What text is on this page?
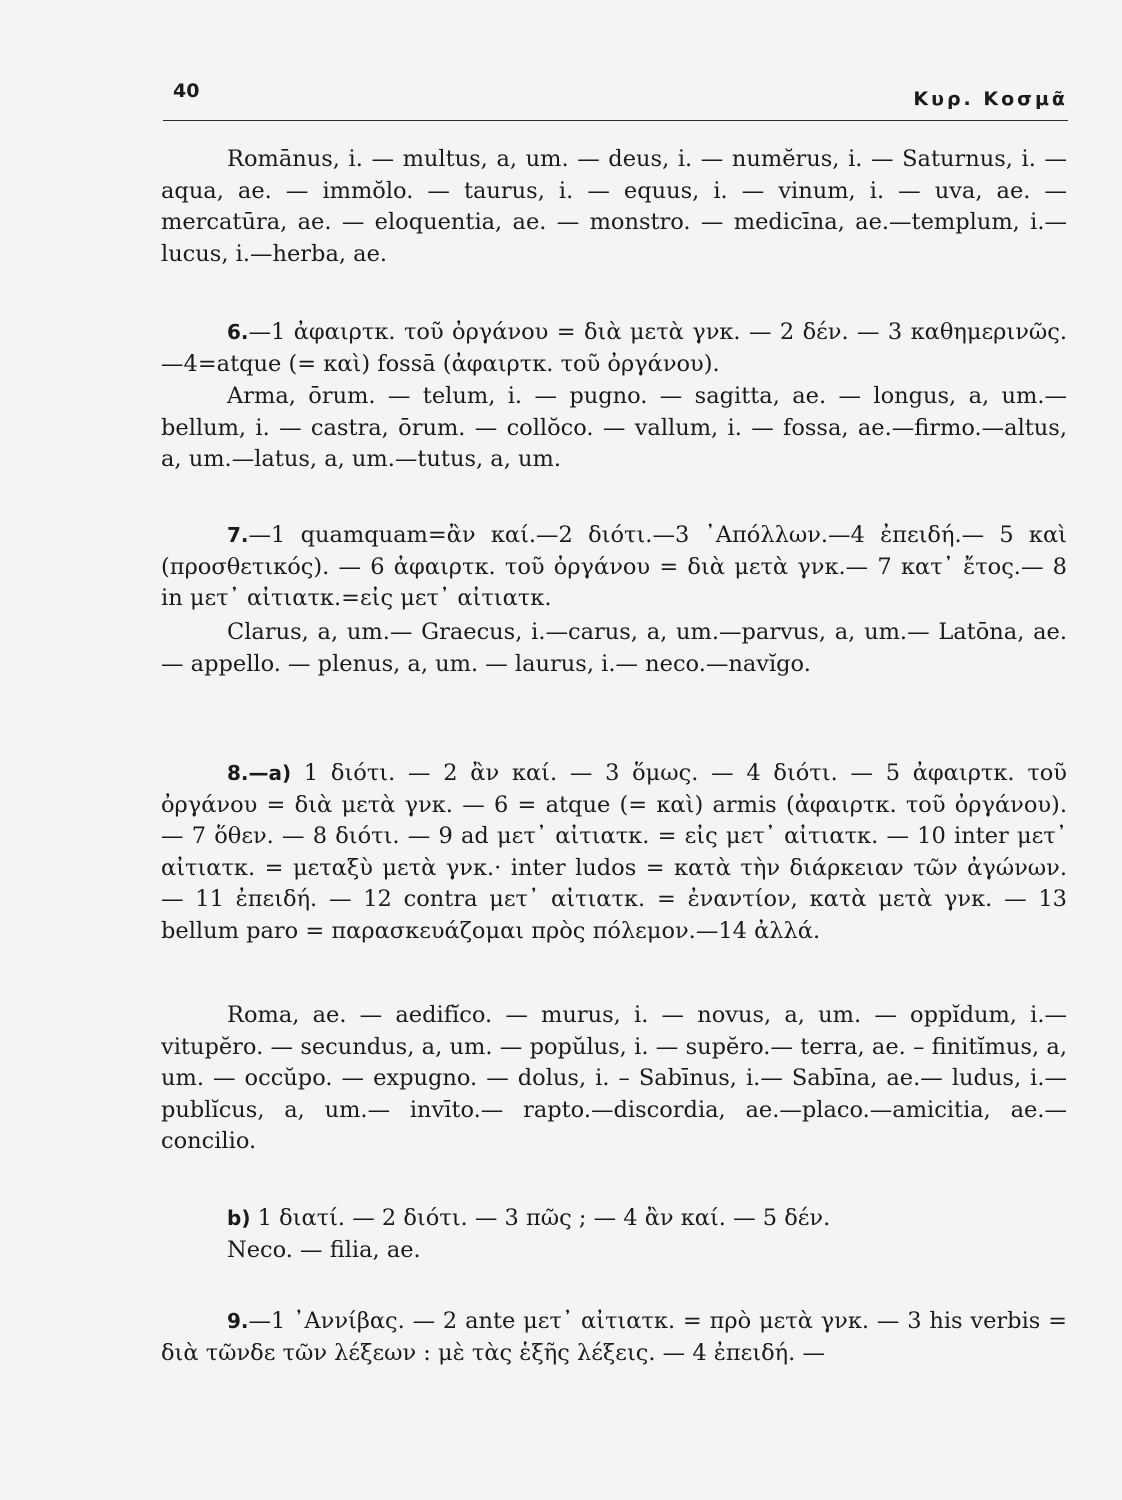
40	Κυρ. Κοσμᾶ

Romānus, i. — multus, a, um. — deus, i. — numĕrus, i. — Saturnus, i. — aqua, ae. — immŏlo. — taurus, i. — equus, i. — vinum, i. — uva, ae. — mercatūra, ae. — eloquentia, ae. — monstro. — medicīna, ae.—templum, i.—lucus, i.—herba, ae.

6.—1 ἀφαιρτκ. τοῦ ὀργάνου = διὰ μετὰ γνκ. — 2 δέν. — 3 καθημερινῶς.—4=atque (= καὶ) fossā (ἀφαιρτκ. τοῦ ὀργάνου).

Arma, ōrum. — telum, i. — pugno. — sagitta, ae. — longus, a, um.—bellum, i. — castra, ōrum. — collŏco. — vallum, i. — fossa, ae.—firmo.—altus, a, um.—latus, a, um.—tutus, a, um.

7.—1 quamquam=ἂν καί.—2 διότι.—3 ᾿Απόλλων.—4 ἐπειδή.— 5 καὶ (προσθετικός). — 6 ἀφαιρτκ. τοῦ ὀργάνου = διὰ μετὰ γνκ.— 7 κατ᾿ ἔτος.— 8 in μετ᾿ αἰτιατκ.=εἰς μετ᾿ αἰτιατκ.

Clarus, a, um.— Graecus, i.—carus, a, um.—parvus, a, um.— Latōna, ae. — appello. — plenus, a, um. — laurus, i.— neco.—navĭgo.

8.—a) 1 διότι. — 2 ἂν καί. — 3 ὅμως. — 4 διότι. — 5 ἀφαιρτκ. τοῦ ὀργάνου = διὰ μετὰ γνκ. — 6 = atque (= καὶ) armis (ἀφαιρτκ. τοῦ ὀργάνου). — 7 ὅθεν. — 8 διότι. — 9 ad μετ᾿ αἰτιατκ. = εἰς μετ᾿ αἰτιατκ. — 10 inter μετ᾿ αἰτιατκ. = μεταξὺ μετὰ γνκ.· inter ludos = κατὰ τὴν διάρκειαν τῶν ἀγώνων. — 11 ἐπειδή. — 12 contra μετ᾿ αἰτιατκ. = ἐναντίον, κατὰ μετὰ γνκ. — 13 bellum paro = παρασκευάζομαι πρὸς πόλεμον.—14 ἀλλά.

Roma, ae. — aedifĭco. — murus, i. — novus, a, um. — oppĭdum, i.—vitupĕro. — secundus, a, um. — popŭlus, i. — supĕro.— terra, ae. – finitĭmus, a, um. — occŭpo. — expugno. — dolus, i. – Sabīnus, i.— Sabīna, ae.— ludus, i.— publĭcus, a, um.— invīto.— rapto.—discordia, ae.—placo.—amicitia, ae.—concilio.

b) 1 διατί. — 2 διότι. — 3 πῶς ; — 4 ἂν καί. — 5 δέν.

Neco. — filia, ae.

9.—1 ᾿Αννίβας. — 2 ante μετ᾿ αἰτιατκ. = πρὸ μετὰ γνκ. — 3 his verbis = διὰ τῶνδε τῶν λέξεων : μὲ τὰς ἑξῆς λέξεις. — 4 ἐπειδή. —
